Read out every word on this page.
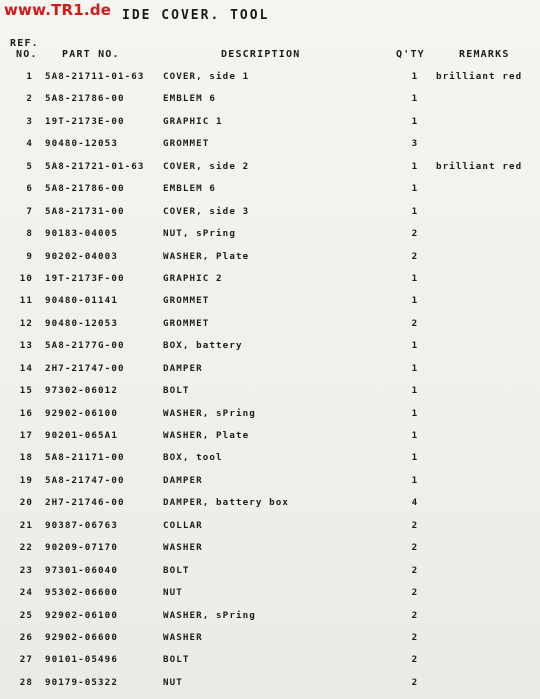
www.TR1.de IDE COVER. TOOL
REF.
NO. PART NO.	DESCRIPTION	Q'TY	REMARKS
1 5A8-21711-01-63 COVER, side 1	1	brilliant red
2 5A8-21786-00	EMBLEM 6	1
3 19T-2173E-00	GRAPHIC 1	1
4 90480-12053	GROMMET	3
5 5A8-21721-01-63 COVER, side 2	1	brilliant red
6 5A8-21786-00	EMBLEM 6	1
7 5A8-21731-00	COVER, side 3	1
8 90183-04005	NUT, sPring	2
9 90202-04003	WASHER, Plate	2
10 19T-2173F-00	GRAPHIC 2	1
11 90480-01141	GROMMET	1
12 90480-12053	GROMMET	2
13 5A8-2177G-00	BOX, battery	1
14 2H7-21747-00	DAMPER	1
15 97302-06012	BOLT	1
16 92902-06100	WASHER, sPring	1
17 90201-065A1	WASHER, Plate	1
18 5A8-21171-00	BOX, tool	1
19 5A8-21747-00	DAMPER	1
20 2H7-21746-00	DAMPER, battery box	4
21 90387-06763	COLLAR	2
22 90209-07170	WASHER	2
23 97301-06040	BOLT	2
24 95302-06600	NUT	2
25 92902-06100	WASHER, sPring	2
26 92902-06600	WASHER	2
27 90101-05496	BOLT	2
28 90179-05322	NUT	2
